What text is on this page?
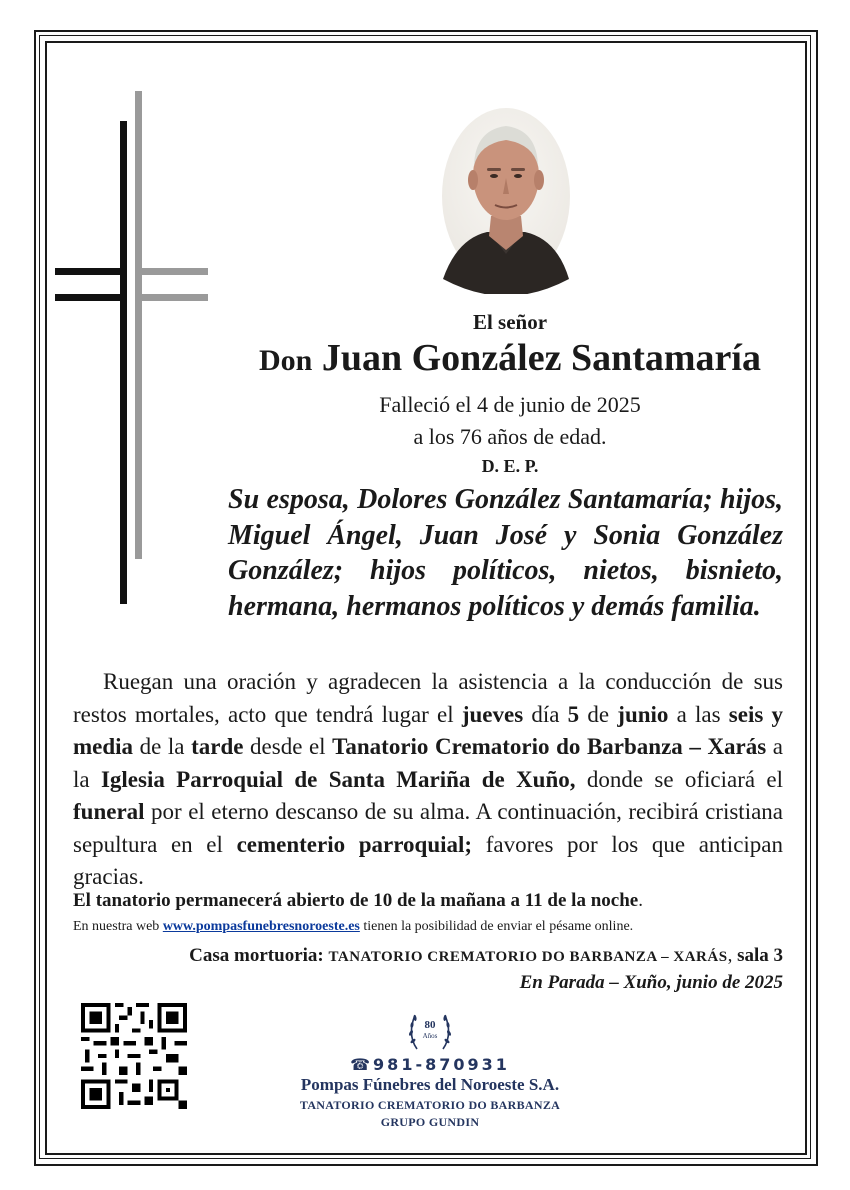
El señor
Don Juan González Santamaría
Falleció el 4 de junio de 2025
a los 76 años de edad.
D. E. P.
Su esposa, Dolores González Santamaría; hijos, Miguel Ángel, Juan José y Sonia González González; hijos políticos, nietos, bisnieto, hermana, hermanos políticos y demás familia.
Ruegan una oración y agradecen la asistencia a la conducción de sus restos mortales, acto que tendrá lugar el jueves día 5 de junio a las seis y media de la tarde desde el Tanatorio Crematorio do Barbanza – Xarás a la Iglesia Parroquial de Santa Mariña de Xuño, donde se oficiará el funeral por el eterno descanso de su alma. A continuación, recibirá cristiana sepultura en el cementerio parroquial; favores por los que anticipan gracias.
El tanatorio permanecerá abierto de 10 de la mañana a 11 de la noche.
En nuestra web www.pompasfunebresnoroeste.es tienen la posibilidad de enviar el pésame online.
Casa mortuoria: TANATORIO CREMATORIO DO BARBANZA – XARÁS, sala 3
En Parada – Xuño, junio de 2025
80
Años
☎981-870931
Pompas Fúnebres del Noroeste S.A.
TANATORIO CREMATORIO DO BARBANZA
GRUPO GUNDIN
